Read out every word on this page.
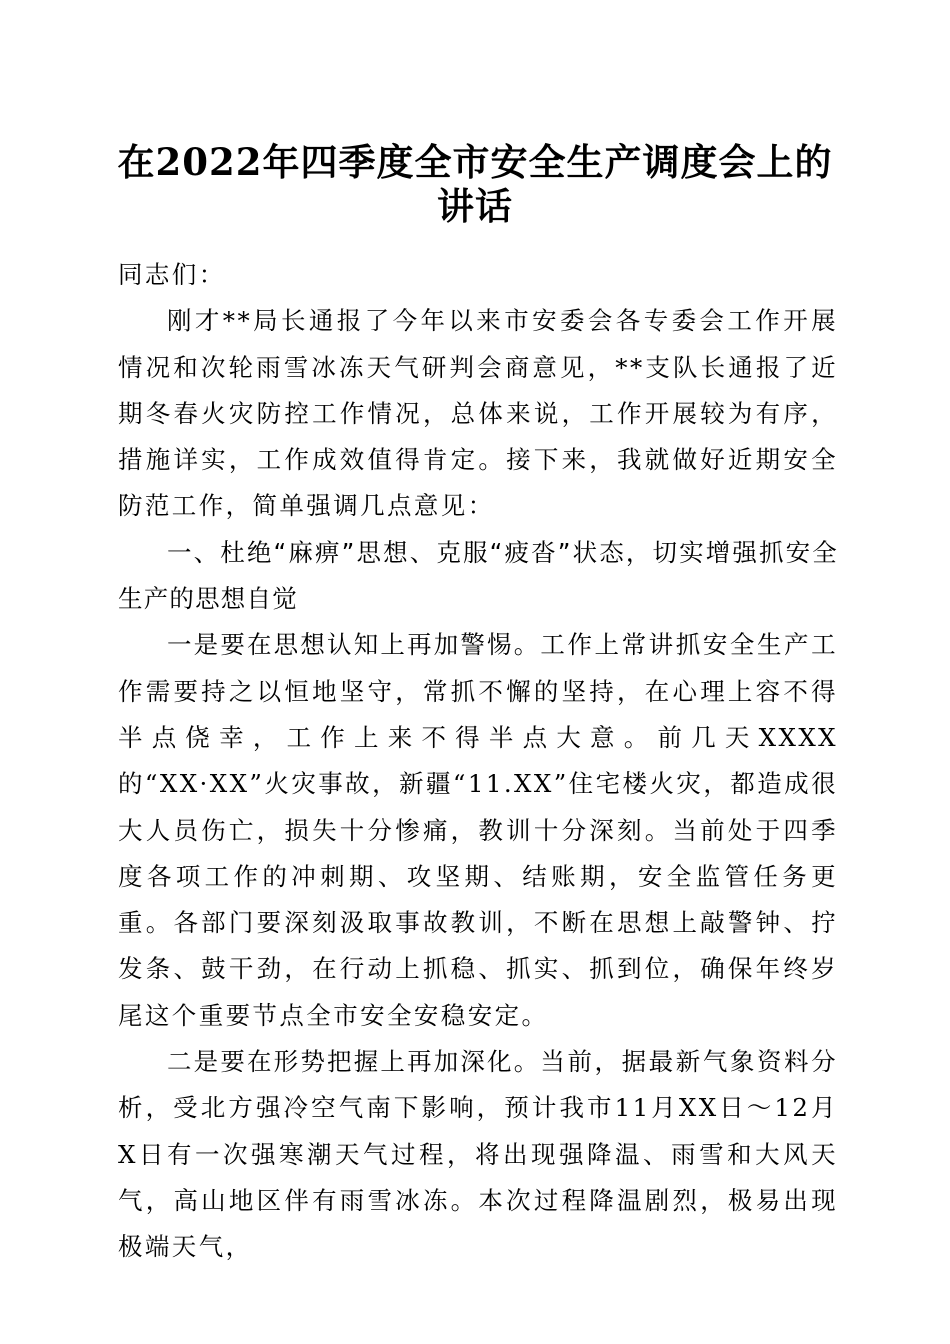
在2022年四季度全市安全生产调度会上的讲话

同志们：

刚才**局长通报了今年以来市安委会各专委会工作开展情况和次轮雨雪冰冻天气研判会商意见，**支队长通报了近期冬春火灾防控工作情况，总体来说，工作开展较为有序，措施详实，工作成效值得肯定。接下来，我就做好近期安全防范工作，简单强调几点意见：

一、杜绝“麻痹”思想、克服“疲沓”状态，切实增强抓安全生产的思想自觉

一是要在思想认知上再加警惕。工作上常讲抓安全生产工作需要持之以恒地坚守，常抓不懈的坚持，在心理上容不得半点侥幸，工作上来不得半点大意。前几天XXXX的“XX·XX”火灾事故，新疆“11.XX”住宅楼火灾，都造成很大人员伤亡，损失十分惨痛，教训十分深刻。当前处于四季度各项工作的冲刺期、攻坚期、结账期，安全监管任务更重。各部门要深刻汲取事故教训，不断在思想上敲警钟、拧发条、鼓干劲，在行动上抓稳、抓实、抓到位，确保年终岁尾这个重要节点全市安全安稳安定。

二是要在形势把握上再加深化。当前，据最新气象资料分析，受北方强冷空气南下影响，预计我市11月XX日～12月X日有一次强寒潮天气过程，将出现强降温、雨雪和大风天气，高山地区伴有雨雪冰冻。本次过程降温剧烈，极易出现极端天气，
